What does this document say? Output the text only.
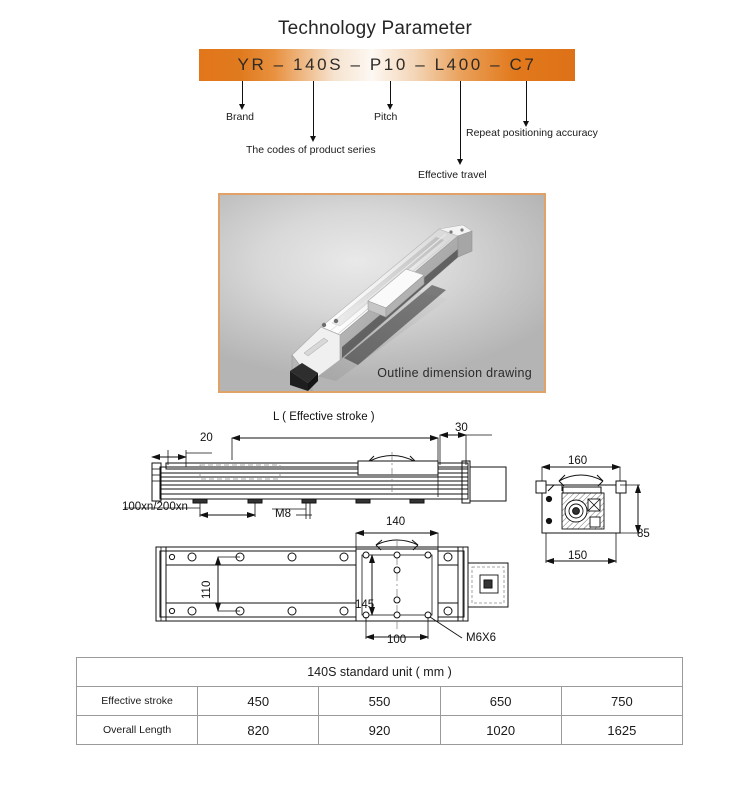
Technology Parameter
YR – 140S – P10 – L400 – C7
Brand
The codes of product series
Pitch
Effective travel
Repeat positioning accuracy
Outline dimension drawing
L ( Effective stroke )
20
30
100xn/200xn
M8
160
85
150
140
110
145
100	M6X6
140S standard unit ( mm )				
Effective stroke	450	550	650	750
Overall Length	820	920	1020	1625
